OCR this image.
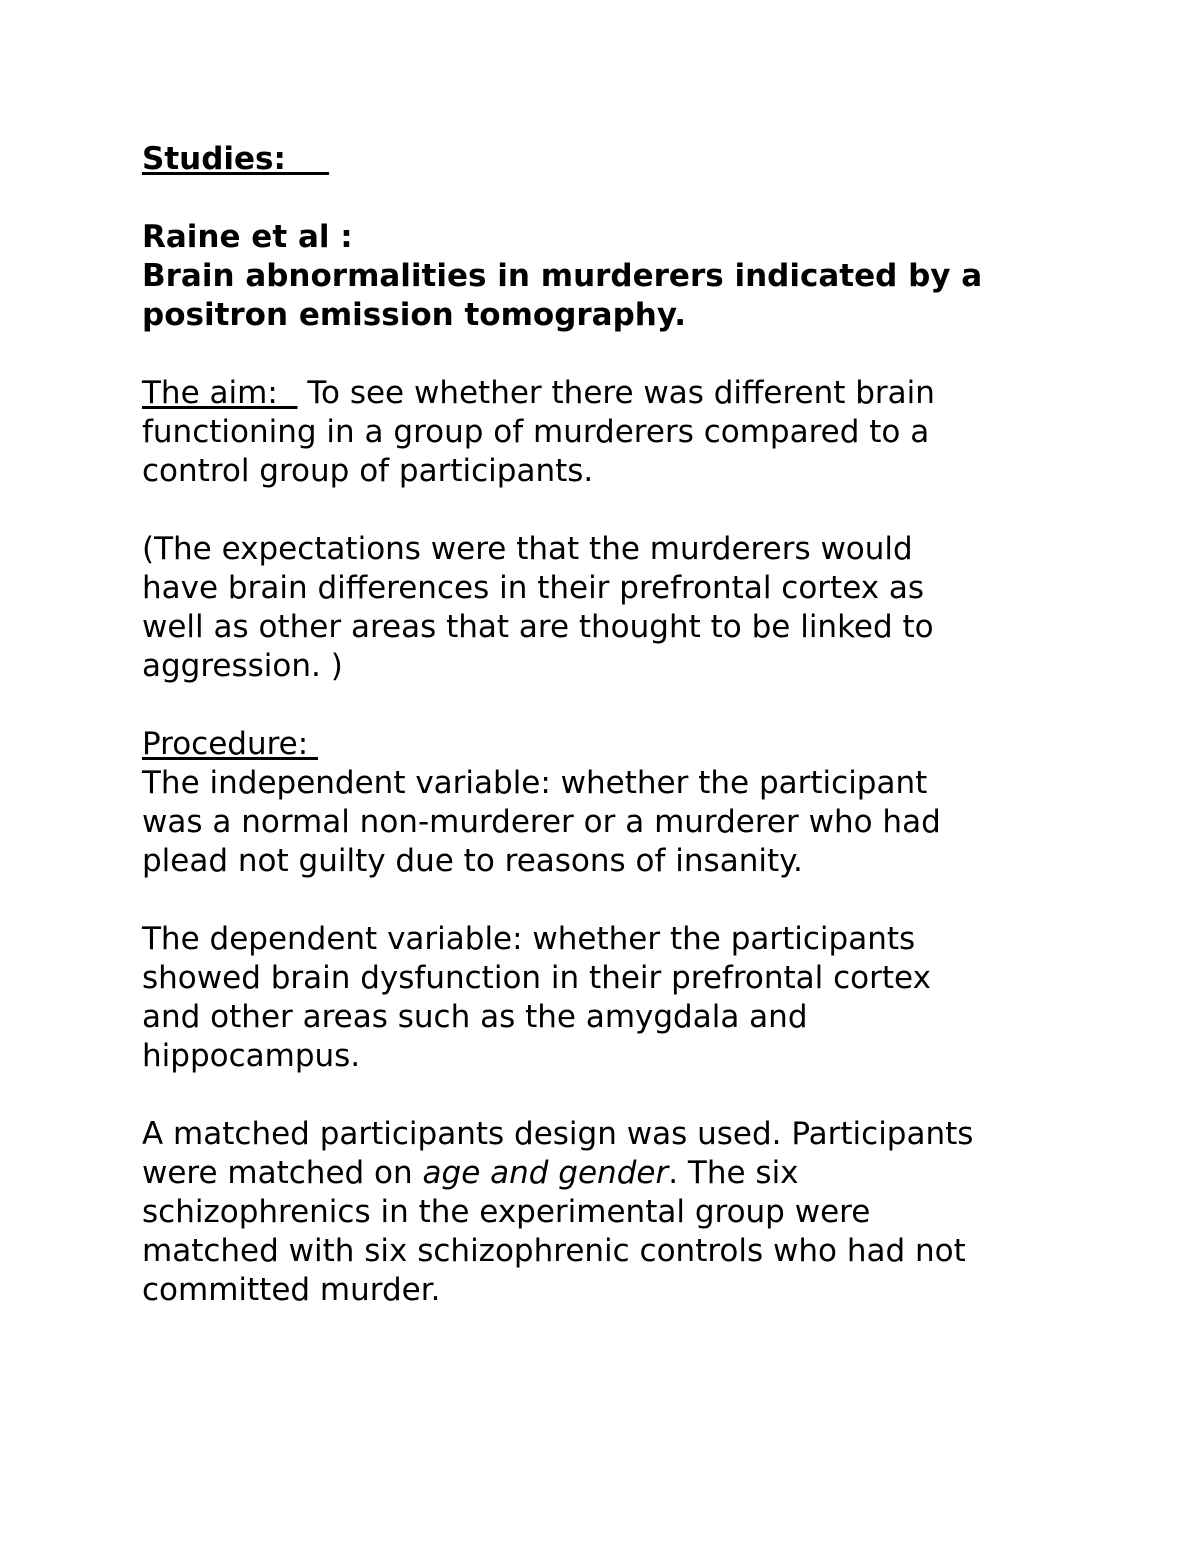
Studies:

Raine et al :

Brain abnormalities in murderers indicated by a
positron emission tomography.

The aim:   To see whether there was different brain
functioning in a group of murderers compared to a
control group of participants.

(The expectations were that the murderers would
have brain differences in their prefrontal cortex as
well as other areas that are thought to be linked to
aggression. )

Procedure:

The independent variable: whether the participant
was a normal non-murderer or a murderer who had
plead not guilty due to reasons of insanity.

The dependent variable: whether the participants
showed brain dysfunction in their prefrontal cortex
and other areas such as the amygdala and
hippocampus.

A matched participants design was used. Participants
were matched on age and gender. The six
schizophrenics in the experimental group were
matched with six schizophrenic controls who had not
committed murder.
